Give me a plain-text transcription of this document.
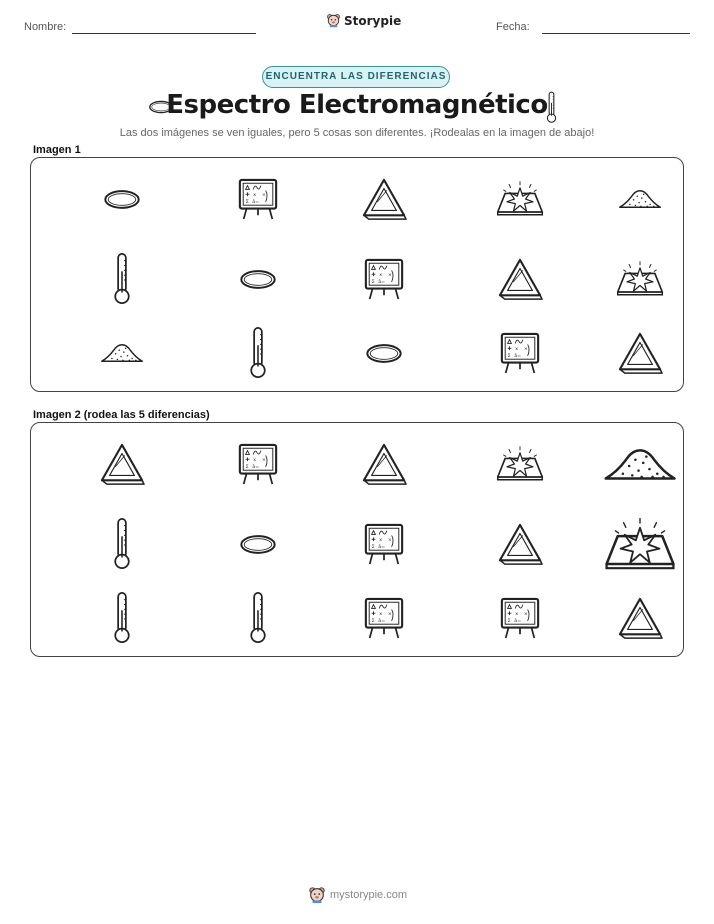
Nombre:	Storypie	Fecha:
ENCUENTRA LAS DIFERENCIAS
Espectro Electromagnético
Las dos imágenes se ven iguales, pero 5 cosas son diferentes. ¡Rodealas en la imagen de abajo!
Imagen 1
Imagen 2 (rodea las 5 diferencias)
mystorypie.com
